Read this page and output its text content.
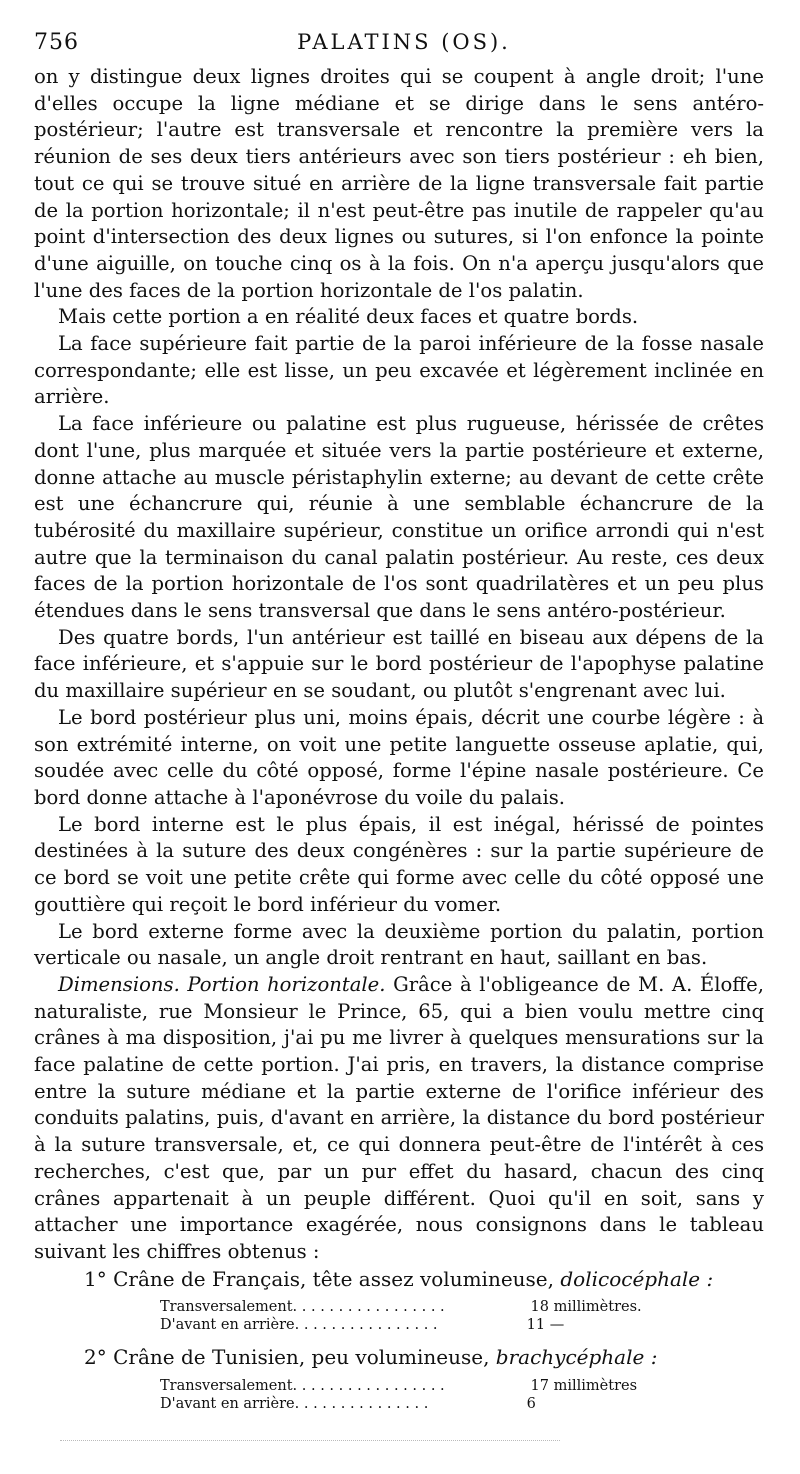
756	PALATINS (OS).

on y distingue deux lignes droites qui se coupent à angle droit; l'une d'elles occupe la ligne médiane et se dirige dans le sens antéro-postérieur; l'autre est transversale et rencontre la première vers la réunion de ses deux tiers antérieurs avec son tiers postérieur : eh bien, tout ce qui se trouve situé en arrière de la ligne transversale fait partie de la portion horizontale; il n'est peut-être pas inutile de rappeler qu'au point d'intersection des deux lignes ou sutures, si l'on enfonce la pointe d'une aiguille, on touche cinq os à la fois. On n'a aperçu jusqu'alors que l'une des faces de la portion horizontale de l'os palatin.

Mais cette portion a en réalité deux faces et quatre bords.

La face supérieure fait partie de la paroi inférieure de la fosse nasale correspondante; elle est lisse, un peu excavée et légèrement inclinée en arrière.

La face inférieure ou palatine est plus rugueuse, hérissée de crêtes dont l'une, plus marquée et située vers la partie postérieure et externe, donne attache au muscle péristaphylin externe; au devant de cette crête est une échancrure qui, réunie à une semblable échancrure de la tubérosité du maxillaire supérieur, constitue un orifice arrondi qui n'est autre que la terminaison du canal palatin postérieur. Au reste, ces deux faces de la portion horizontale de l'os sont quadrilatères et un peu plus étendues dans le sens transversal que dans le sens antéro-postérieur.

Des quatre bords, l'un antérieur est taillé en biseau aux dépens de la face inférieure, et s'appuie sur le bord postérieur de l'apophyse palatine du maxillaire supérieur en se soudant, ou plutôt s'engrenant avec lui.

Le bord postérieur plus uni, moins épais, décrit une courbe légère : à son extrémité interne, on voit une petite languette osseuse aplatie, qui, soudée avec celle du côté opposé, forme l'épine nasale postérieure. Ce bord donne attache à l'aponévrose du voile du palais.

Le bord interne est le plus épais, il est inégal, hérissé de pointes destinées à la suture des deux congénères : sur la partie supérieure de ce bord se voit une petite crête qui forme avec celle du côté opposé une gouttière qui reçoit le bord inférieur du vomer.

Le bord externe forme avec la deuxième portion du palatin, portion verticale ou nasale, un angle droit rentrant en haut, saillant en bas.

Dimensions. Portion horizontale. Grâce à l'obligeance de M. A. Éloffe, naturaliste, rue Monsieur le Prince, 65, qui a bien voulu mettre cinq crânes à ma disposition, j'ai pu me livrer à quelques mensurations sur la face palatine de cette portion. J'ai pris, en travers, la distance comprise entre la suture médiane et la partie externe de l'orifice inférieur des conduits palatins, puis, d'avant en arrière, la distance du bord postérieur à la suture transversale, et, ce qui donnera peut-être de l'intérêt à ces recherches, c'est que, par un pur effet du hasard, chacun des cinq crânes appartenait à un peuple différent. Quoi qu'il en soit, sans y attacher une importance exagérée, nous consignons dans le tableau suivant les chiffres obtenus :

1° Crâne de Français, tête assez volumineuse, dolicocéphale :

Transversalement . . . . . . . . . . . . . . . . .	18 millimètres.
D'avant en arrière . . . . . . . . . . . . . . . .	11 —

2° Crâne de Tunisien, peu volumineuse, brachycéphale :

Transversalement . . . . . . . . . . . . . . . . .	17 millimètres
D'avant en arrière . . . . . . . . . . . . . . .	6
